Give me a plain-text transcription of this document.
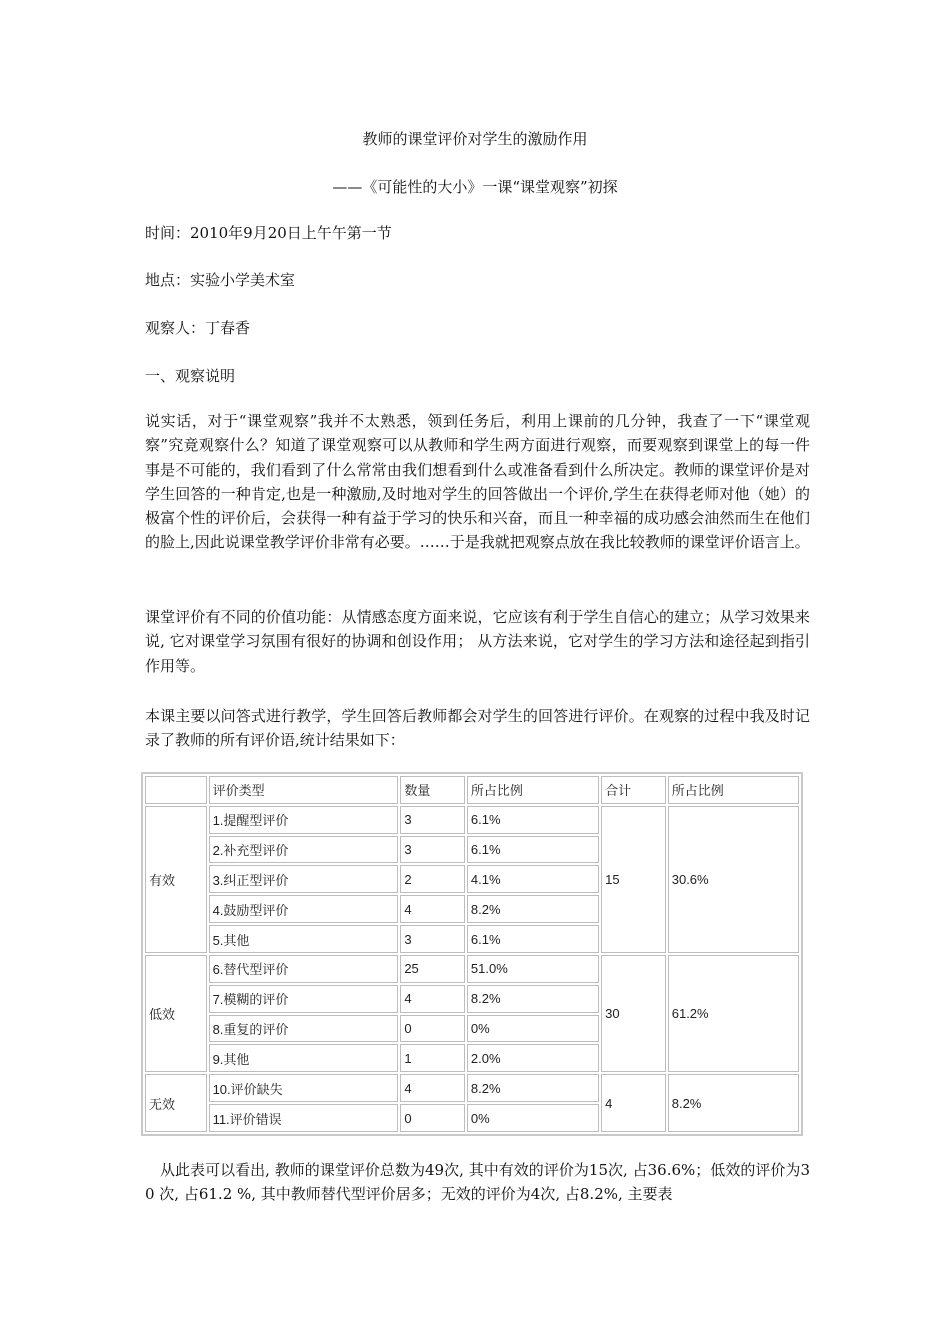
教师的课堂评价对学生的激励作用
——《可能性的大小》一课“课堂观察”初探
时间：2010年9月20日上午午第一节
地点：实验小学美术室
观察人：丁春香
一、观察说明
说实话，对于“课堂观察”我并不太熟悉，领到任务后，利用上课前的几分钟，我查了一下“课堂观察”究竟观察什么？知道了课堂观察可以从教师和学生两方面进行观察，而要观察到课堂上的每一件事是不可能的，我们看到了什么常常由我们想看到什么或准备看到什么所决定。教师的课堂评价是对学生回答的一种肯定,也是一种激励,及时地对学生的回答做出一个评价,学生在获得老师对他（她）的极富个性的评价后，会获得一种有益于学习的快乐和兴奋，而且一种幸福的成功感会油然而生在他们的脸上,因此说课堂教学评价非常有必要。……于是我就把观察点放在我比较教师的课堂评价语言上。
课堂评价有不同的价值功能：从情感态度方面来说，它应该有利于学生自信心的建立；从学习效果来说, 它对课堂学习氛围有很好的协调和创设作用； 从方法来说，它对学生的学习方法和途径起到指引作用等。
本课主要以问答式进行教学，学生回答后教师都会对学生的回答进行评价。在观察的过程中我及时记录了教师的所有评价语,统计结果如下：
	评价类型	数量	所占比例	合计	所占比例
有效	1.提醒型评价	3	6.1%	15	30.6%
	2.补充型评价	3	6.1%		
	3.纠正型评价	2	4.1%		
	4.鼓励型评价	4	8.2%		
	5.其他	3	6.1%		
低效	6.替代型评价	25	51.0%	30	61.2%
	7.模糊的评价	4	8.2%		
	8.重复的评价	0	0%		
	9.其他	1	2.0%		
无效	10.评价缺失	4	8.2%	4	8.2%
	11.评价错误	0	0%		
从此表可以看出, 教师的课堂评价总数为49次, 其中有效的评价为15次, 占36.6%；低效的评价为30 次, 占61.2 %, 其中教师替代型评价居多；无效的评价为4次, 占8.2%, 主要表
